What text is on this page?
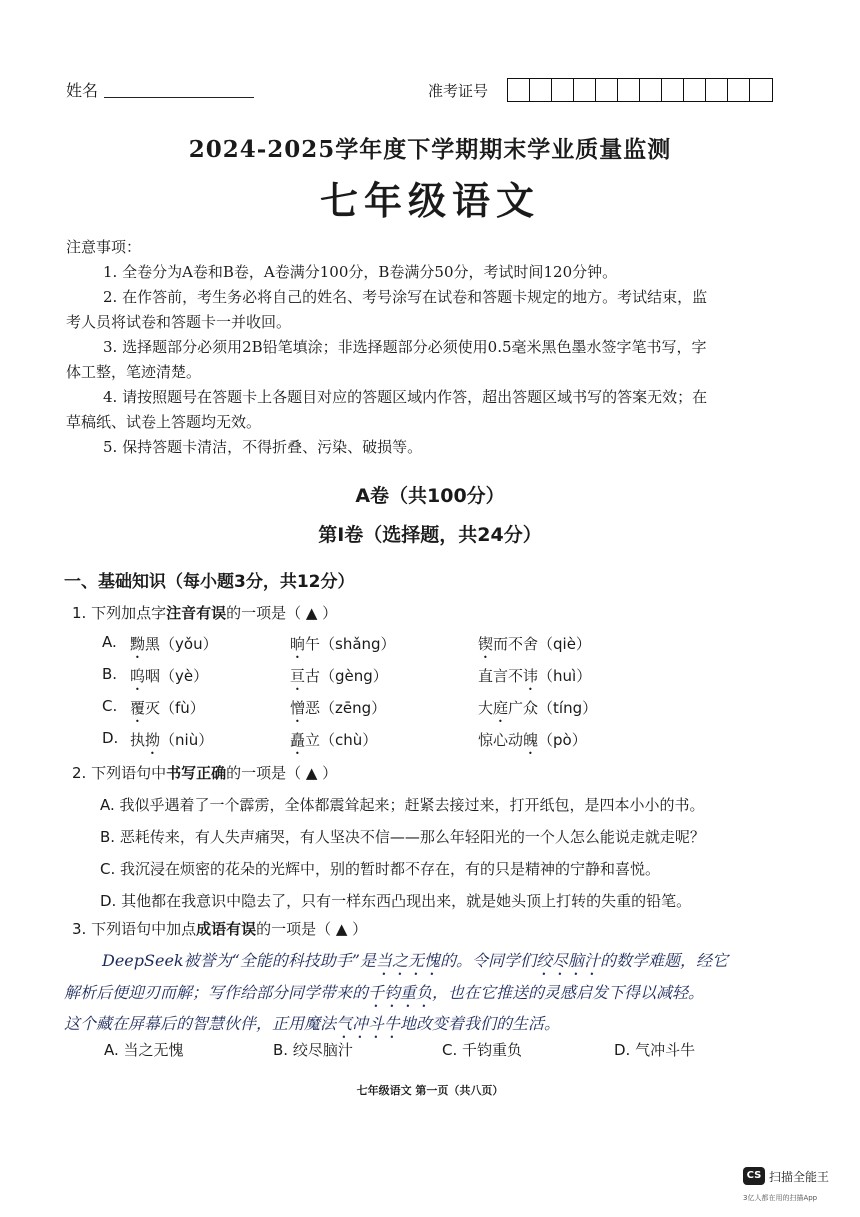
姓名	准考证号
2024-2025学年度下学期期末学业质量监测
七年级语文
注意事项：
1. 全卷分为A卷和B卷，A卷满分100分，B卷满分50分，考试时间120分钟。
2. 在作答前，考生务必将自己的姓名、考号涂写在试卷和答题卡规定的地方。考试结束，监
考人员将试卷和答题卡一并收回。
3. 选择题部分必须用2B铅笔填涂；非选择题部分必须使用0.5毫米黑色墨水签字笔书写，字
体工整，笔迹清楚。
4. 请按照题号在答题卡上各题目对应的答题区域内作答，超出答题区域书写的答案无效；在
草稿纸、试卷上答题均无效。
5. 保持答题卡清洁，不得折叠、污染、破损等。
A卷（共100分）
第Ⅰ卷（选择题，共24分）
一、基础知识（每小题3分，共12分）
1. 下列加点字注音有误的一项是（ ▲ ）
A. 黝黑（yǒu）	晌午（shǎng）	锲而不舍（qiè）
B. 呜咽（yè）	亘古（gèng）	直言不讳（huì）
C. 覆灭（fù）	憎恶（zēng）	大庭广众（tíng）
D. 执拗（niù）	矗立（chù）	惊心动魄（pò）
2. 下列语句中书写正确的一项是（ ▲ ）
A. 我似乎遇着了一个霹雳，全体都震耸起来；赶紧去接过来，打开纸包，是四本小小的书。
B. 恶耗传来，有人失声痛哭，有人坚决不信——那么年轻阳光的一个人怎么能说走就走呢？
C. 我沉浸在烦密的花朵的光辉中，别的暂时都不存在，有的只是精神的宁静和喜悦。
D. 其他都在我意识中隐去了，只有一样东西凸现出来，就是她头顶上打转的失重的铅笔。
3. 下列语句中加点成语有误的一项是（ ▲ ）
DeepSeek被誉为“全能的科技助手”是当之无愧的。令同学们绞尽脑汁的数学难题，经它
解析后便迎刃而解；写作给部分同学带来的千钧重负，也在它推送的灵感启发下得以减轻。
这个藏在屏幕后的智慧伙伴，正用魔法气冲斗牛地改变着我们的生活。
A. 当之无愧	B. 绞尽脑汁	C. 千钧重负	D. 气冲斗牛
七年级语文 第一页（共八页）
CS 扫描全能王
3亿人都在用的扫描App
